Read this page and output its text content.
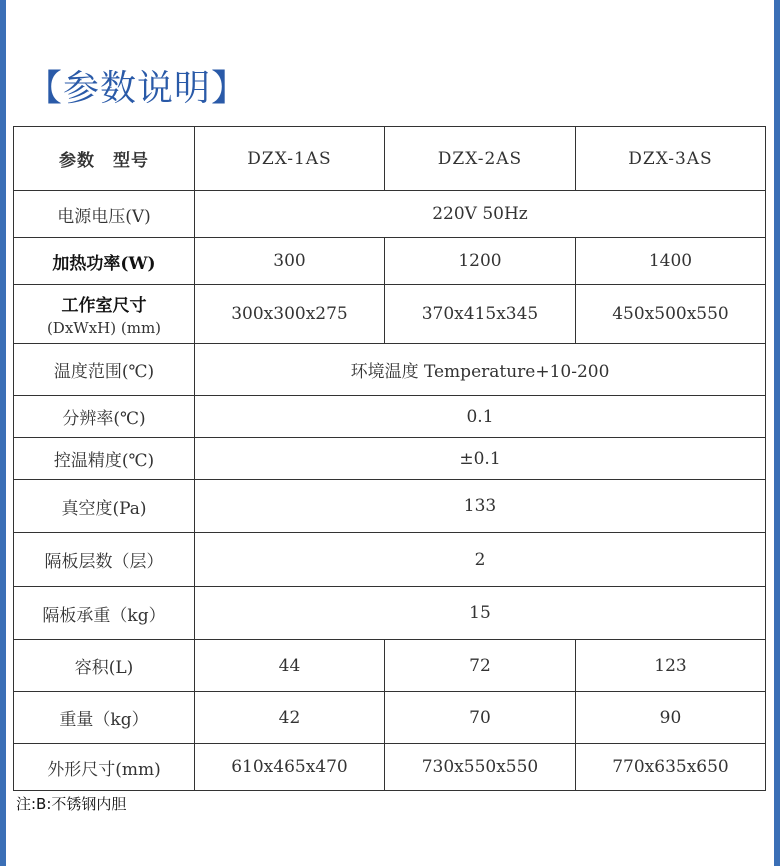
【参数说明】
参数　型号	DZX-1AS	DZX-2AS	DZX-3AS
电源电压(V)	220V 50Hz		
加热功率(W)	300	1200	1400

工作室尺寸
(DxWxH) (mm)	300x300x275	370x415x345	450x500x550
温度范围(℃)	环境温度 Temperature+10-200		
分辨率(℃)	0.1		
控温精度(℃)	±0.1		
真空度(Pa)	133		
隔板层数（层）	2		
隔板承重（kg）	15		
容积(L)	44	72	123
重量（kg）	42	70	90
外形尺寸(mm)	610x465x470	730x550x550	770x635x650
注:B:不锈钢内胆
